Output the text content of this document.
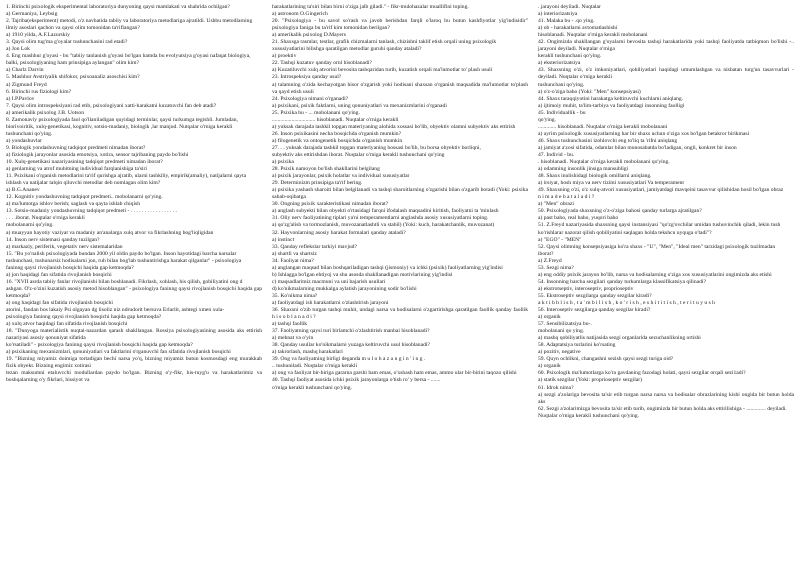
1. Birinchi psixologik eksperimental laboratoriya dunyoning qaysi mamlakati va shahrida ochilgan?

a) Germaniya, Leybsig

2. Tajriba(eksperiment) metodi, o'z navbatida tabiiy va laboratoriya metodlariga ajratildi. Ushbu metodlarning

ilmiy asoslari qachon va qaysi olim tomonidan ta'riflangan?

a) 1910 yilda, A.F.Lazurskiy

3. Qaysi olim tug'ma g'oyalar tushunchasini rad etadi?

a) Jon Lok

4. Eng mashhur g'oyasi - bu "tabiiy tanlanish g'oyasi bo'lgan hamda bu evolyutsiya g'oyasi nafaqat biologiya,

balki, psixologiyaning ham prinsipiga aylangan" olim kim?

a) Charlz Darvin

5. Mashhur Avstriyalik shifokor, psixoanaliz asoschisi kim?

a) Zigmund Freyd

6. Birinchi rus fiziologi kim?

a) I.P.Pavlov

7. Qaysi olim introspeksiyani rad etib, psixologiyani xatti-harakatni kuzatuvchi fan deb atadi?

a) amerikalik psixolog J.B. Uotson

8. Zamonaviy psixologiyada faol qo'llaniladigan quyidagi terminlar, qaysi turkumga tegishli. Jumladan,

biorivoiritik, xulq-genetikasi, kognitiv, sotsio-madaniy, biologik ,lar manjud. Nutqalar o'rniga kerakli

tushunchani qo'ying.

a) yondashuvlar

9. Biologik yondashuvning tadqiqot predmeti nimadan iborat?

a) fiziologik jarayonlar asosida emotsiya, xotira, sensor tajribaning paydo bo'lishi

10. Xulq-genetikasi nazariyasining tadqiqot predmeti nimadan iborat?

a) genlarning va atrof muhitning individual farqlanishiga ta'siri

11. Psixikani o'rganish metodlarini ta'rif qurishga ajratib, ularni tashkiliy, empirik(amaliy), natijalarni qayta

ishlash va natijalar talqin qiluvchi metodlar deb nomlagan olim kim?

a) B.G.Ananev

12. Kognitiv yondashuvning tadqiqot predmeti.. mobolanarni qo'ying.

a) ma'lumotga ishlov berish; saglash va qayta ishlab chiqish

13. Sotsio-madaniy yondashuvning tadqiqot predmeti - . . . . . . . . . . . . . . . . .

. . . .iborat. Nuqtalar o'rniga kerakli

mobolanarni qo'ying.

a) muayyan hayotiy vaziyat va madaniy an'analarga xulq atvor va fikrlashning bog'liqligidan

14. Inson nerv sistemasi qanday tuzilgan?

a) markaziy, periferik, vegetativ nerv sistemalaridan

15. "Bu yo'nalish psixologiyada bundan 2000 yil oldin paydo bo'lgan. Inson hayotidagi barcha narsalar

tushunchasi, tushunarsiz hodisalarni jon, ruh bilan bog'lab tushuntirishga harakat qilganlar" - psixologiya

faninng qaysi rivojlanish bosqichi haqida gap ketmoqda?

a) jon haqidagi fan sifatida rivojlanish bosqichi

16. "XVII asrda tabiiy fanlar rivojlanishi bilan boshlanadi. Fikrlash, xohlash, his qilish, gobiliyatini ong d

ashgan. O'z-o'zini kuzatish asosiy metod hisoblangan" - psixologiya faninng qaysi rivojlanish bosqichi haqida gap ketmoqda?

a) ong haqidagi fan sifatida rivojlanish bosqichi

atorini, fandan bos lakaiy Psi olgayan dg lisoliz niz ndrudorit bersuva Erlarlit, ashtegi xmen xula-

psixologiya faninng qaysi rivojlanish bosqichi haqida gap ketmoqda?

a) xulq atvor haqidagi fan sifatida rivojlanish bosqichi

18. "Dunyoga materialistik nuqtai-nazardan qarash shakllangan. Rossiya psixologiyasining asosida aks ettirish nazariyasi asosiy qonuniyat sifatida

ko'rsatiladi" - psixologiya faninng qaysi rivojlanish bosqichi haqida gap ketmoqda?

a) psixikaning mexanizmlari, qonuniyatlari va faktlarini o'rganuvchi fan sifatida rivojlanish bosqichi

19. "Bizning miyamiz doimiga tortadigan bechi narsa yo'q, bizning miyamiz butun kosmosdagi eng murakkab fizik obyekt. Bizning engimiz xotirasi

tezan maksumni etaluvcchi modullardan paydo bo'lgan. Bizning o'y-fikr, his-tuyg'u va harakatlarimiz va boshqalarning o'y fikrlari, hissiyot va

harakatlarining ta'siri bilan birni o'ziga jalb giladi." - fikr-mulohazalar muallifini toping.

a) astronom O.Gingerich

20. "Psixologiya - bu savol so'rash va javob berishdan farqli o'laroq bu butun kashfiyotlar yig'indisidir" psixologiya faniga bu ta'rif kim tomonidan berilgan?

a) amerikalik psixolog D.Mayers

21. Shaxsga rasmlar, testlar, grafik chizmalarni tanlash, chizishni taklif etish orqali uning psixologik

xususiyatlarini bilishga qaratilgan metodlar guruhi qanday ataladi?

a) proektiv

22. Tashqi kuzatuv qanday ornl hisoblanadi?

a) Kuzatiluvchi xulq atvorini bevosita tashqaridan turib, kuzatish orqali ma'lumotlar to' plash usuli

23. Introspeksiya qanday usul?

a) talamning o'zida kechayotgan hisor o'zgarish yoki hodisani shaxsan o'rganish maqsadida ma'lumotlar to'plash va qayd etish usuli

24. Psixologiya nimani o'rganadi?

a) psixikani, psixik faktlarni, uning qonuniyatlari va mexanizmlarini o'rganadi

25. Psixika bu - ... mobolanani qo'ying.

............................... hisoblanadi. Nuqtalar o'rniga kerakli

a) yuksak darajada tashkil topgan materiyaning alohida xossasi bo'lib, obyektiv olamni subyektiv aks ettirish

26. Inson psixikasini necha bosqichda o'rganish mumkin?

a) filogenetik va ontogenetik bosqichda o'rganish mumkin

27. . . yuksak darajada tashkil topgan materiyaning hossasi bo'lib, bu borsa obyektiv borliqni,

subyektiv aks ettirishdan iborat. Nuqtalar o'rniga kerakli tushunchani qo'ying

a) psixika

28. Psixik namoyon bo'lish shakllarini belgilang

a) psixik jarayonlar, psixik holatlar va individual xususiyatlar

29. Determinizm prinsipiga ta'rif bering.

a) psixika yashash sharoiti bilan belgilanadi va tashqi sharoitlarning o'zgarishi bilan o'zgarib boradi (Yoki: psixika sabab-oqibatga

30. Ongning psixik xarakteristikasi nimadan iborat?

a) anglash subyekti bilan obyekti o'rtasidagi farqni ifodalash maqsadini kiritish, faoliyatni ta 'minlash

31. Oliy nerv faoliyatining tiplari ya'ni temperamentlarni anglashda asosiy xususiyatlarni toping.

a) qo'zg'alish va tormozlanish, muvozanatlashtli va stabil) (Yoki: kuch, harakatchanlik, muvozanat)

32. Hayvonlarning asosiy harakat formalari qanday ataladi?

a) instinct

33. Qanday reflekslar tarkiyi mavjud?

a) shartli va shartsiz

34. Faoliyat nima?

a) anglangan maqsad bilan boshqariladigan tashqi (jismoniy) va ichki (psixik) faoliyatlarning yig'indisi

b) Ishlagga bo'lgan ehtiyoj va shu asosda shakllanadigan motivlarining yig'indisi

c) maqsadlarimiz macmuni va uni bajarish usullari

d) ko'nikmalarning mukkalga aylatish jarayonining sodir bo'lishi

35. Ko'nikma nima?

a) faoliyatdagi ish harakatlarni o'zlashtirish jarayoni

36. Shaxsni o'zib turgan tashqi muhit, undagi narsa va hodisalarni o'zgartirishga qaratilgan faollik qanday faollik h i s o b l a n a d i ?

a) tashqi faollik

37. Faoliyatning qaysi turi birlamchi o'zlashtirish manbai hisoblanadi?

a) mehnat va o'yin

38. Qanday usullar ko'nikmalarni yuzaga keltiruvchi usul hisoblanadi?

a) takrorlash, mashq harakatlari

39. Ong va faoliyatning birligi deganda m u l o h a z a n g i n ' i n g .

.. tushuniladi. Nuqtalar o'rniga kerakli

a) ong va faoliyat bir-biriga gararna garshi ham emas, o'xshash ham emas, ammo ular bir-birini taqozo qilishi

40. Tashqi faoliyat asosida ichki psixik jarayonlarga o'tish ro' y bersa - .......

o'rniga kerakli tushunchani qo'ying.

. jarayoni deyiladi. Nuqtalar

a) interiorizatsiya

41. Malaka bu - .qo ying.

a) ob - harakatlarni avtomatlashishi

hisoblanadi. Nuqtalar o'rniga kerakli mobolanani

42. Ongimizda shakllangan g'oyalarni bevosita tashqi harakatlarida yoki tashqi faoliyatda tatbiqmon bo'lishi -.. jarayoni deyiladi. Nuqtalar o'rniga

kerakli tushunchani qo'ying.

a) eksteriorizatsiya

43. Shaxsning o'zi, o'z imkoniyatlari, qobiliyatlari haqidagi umumlashgan va nisbatan turg'un tasavvurlari -deyiladi. Nuqtalar o'rniga kerakli

tushunchani qo'ying.

a) o'z-o'ziga baho (Yoki: "Men" konsepsiyasi)

44. Shaxs taraqqiyotini harakatga keltiruvchi kuchlarni aniqlang.

a) ijtimoiy muhit, ta'lim-tarbiya va faoliyatdagi insonning faolligi

45. Individuallik - bu

qo'ying.

............. hisoblanadi. Nuqtalar o'rniga kerakli mobolanani

a) ayrim psixologik xususiyatlarning har bir shaxs uchun o'ziga xos bo'lgan betakror birikmasi

46. Shaxs tushunchasini izohlovchi eng to'liq ta 'rifni aniqlang

a) jamiyat a'zosi sifatida, odamlar bilan munosabatda bo'ladigan, ongli, konkret bir inson

47. Individ - bu.

. hisoblanadi. Nuqtalar o'rniga kerakli mobolanani qo'ying.

a) odamning insonlik jinsiga mansubligi

48. Shaxs inulishidagi biologik omillarni aniqlang.

a) irsiyat, hosh miya va nerv tizimi xususiyatlari Va temperament

49. Shaxsning o'zi, o'z xulq-atvori xususiyatlari, jamiyatdagi mavqeini tasavvur qilishidan hosil bo'lgan obraz

n i m a d e b a t a l a d i ?

a) "Men" obrazi

50. Psixologiyada shaxsning o'z-o'ziga bahosi qanday turlarga ajratilgan?

a) past baho, real baho, yuqori baho

51. Z.Freyd nazariyasida shaxsning qaysi instansiyasi "qo'zg'ovchilar umidan tushuvinchik qiladi, lekin tush

ko'rishlarar nazorat qilish qobiliyatini saqlagan holda tekshcu uyquga o'tadi"?

a) "EGO" - "MEN"

52. Qaysi olimning konsepsiyasiga ko'ra shaxs - "U", "Men", "Ideal men" tarzidagi psixologik tuzilmadan

iborat?

a) Z.Freyd

53. Sezgi nima?

a) eng oddiy psixik jarayon bo'lib, narsa va hodisalarning o'ziga xos xususiyatlarini ongimizda aks etishi

54. Insonning barcha sezgilari qanday turkumlarga klassifikatsiya qilinadi?

a) ekstrotseptiv, interoseptiv, proprioseptiv

55. Ekstroseptiv sezgilarga qanday sezgilar kiradi?

a k t i b h l i s h , t a ' m b i l i s h , k o ' r i s h , e s h i t i t i s h , t e r i t u y u s h

56. Interoseptiv sezgilarga qanday sezgilar kiradi?

a) organik

57. Sensibilizatsiya bu-.

mobolanani qo ying.

a) mashq qobiliyatlis natijasida sezgi organlarida sezuchanlikning ortishi

58. Adaptatsiya turlarini ko'rsating

a) pozitiv, negative

59. Quyn ochlikni, changashni sezish qaysi sezgi turiga oid?

a) organik

60. Psixologik ma'lumotlarga ko'ra gavdaning fazodagi holati, qaysi sezgilar orqali sezi1adi?

a) statik sezgilar (Yoki: proprioseptiv sezgilar)

61. Idrok nima?

a) sezgi a'zolariga bevosita ta'sir etib turgan narsa narsa va hodisalar obrazlarining kishi ongida bir butun holda aks

62. Sezgi a'zolarimizga bevosita ta'sir etib turib, ongimizda bir butun holda aks ettirilishiga - .............. deyiladi.

Nuqtalar o'rniga kerakli tushunchani qo'ying.
